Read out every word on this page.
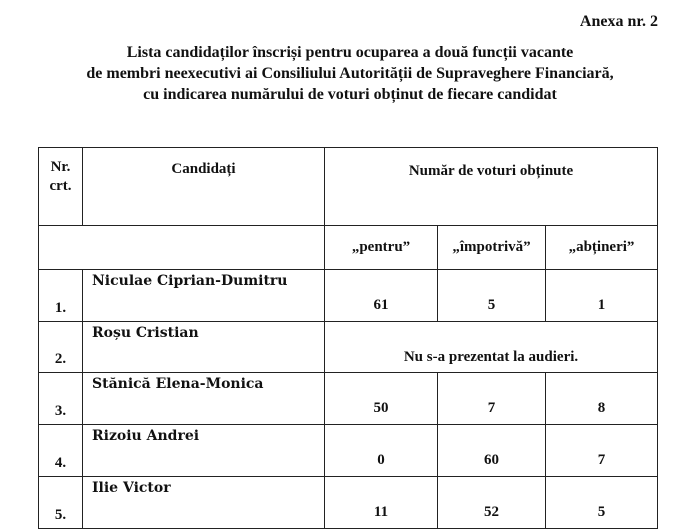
Anexa nr. 2
Lista candidaților înscriși pentru ocuparea a două funcții vacante
de membri neexecutivi ai Consiliului Autorității de Supraveghere Financiară,
cu indicarea numărului de voturi obținut de fiecare candidat
Nr.
crt.	Candidați	Număr de voturi obținute		
		„pentru”	„împotrivă”	„abțineri”
1.	Niculae Ciprian-Dumitru	61	5	1
2.	Roșu Cristian	Nu s-a prezentat la audieri.		
3.	Stănică Elena-Monica	50	7	8
4.	Rizoiu Andrei	0	60	7
5.	Ilie Victor	11	52	5
